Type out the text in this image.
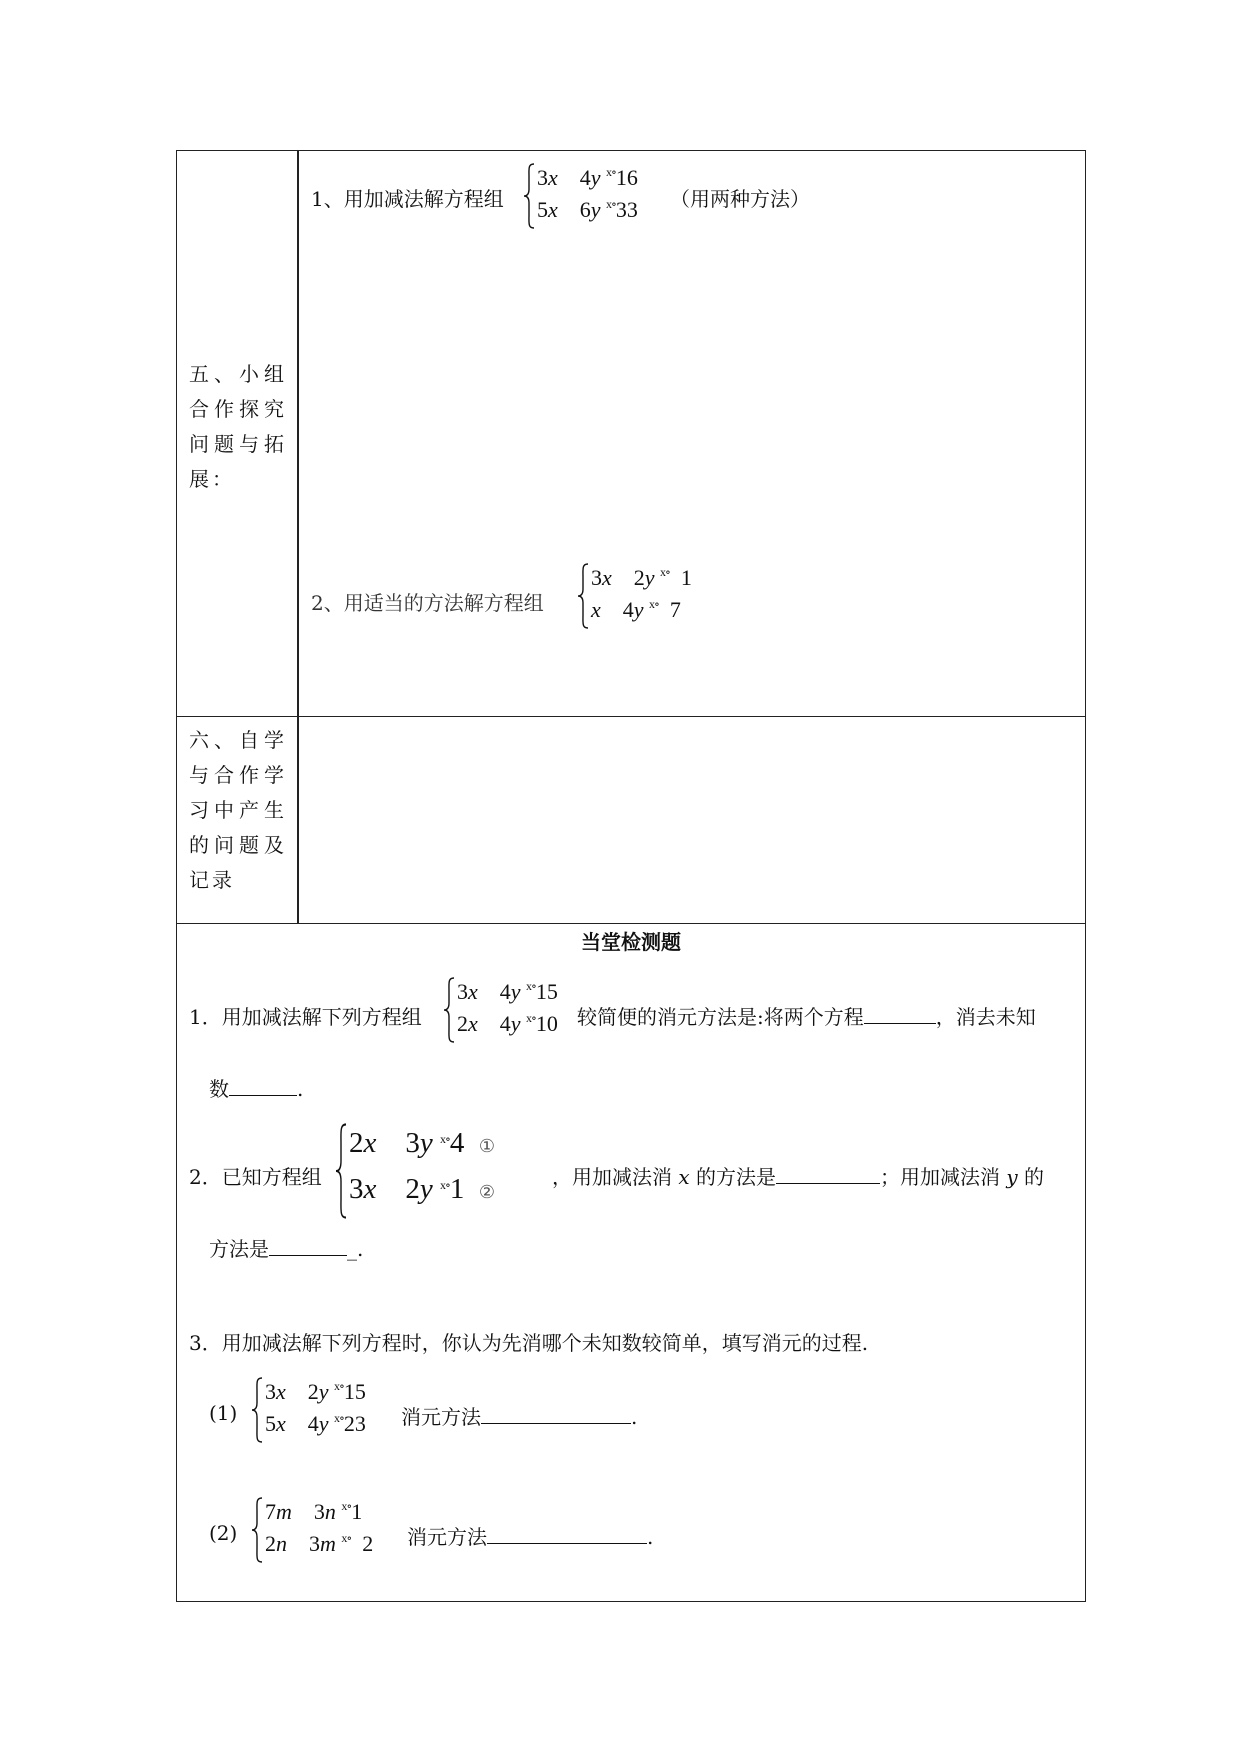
五、小组合作探究问题与拓展：
1、用加减法解方程组
3x 4y $^{x\circ}$16
5x 6y $^{x\circ}$33 （用两种方法）
2、用适当的方法解方程组
3x 2y $^{x\circ}$ 1
x 4y $^{x\circ}$ 7
六、自学与合作学习中产生的问题及记录
当堂检测题
1．用加减法解下列方程组
3x 4y $^{x\circ}$15
2x 4y $^{x\circ}$10 较简便的消元方法是:将两个方程	，消去未知
数	.
2．已知方程组
2x 3y $^{x\circ}$4 ①
3x 2y $^{x\circ}$1 ②
，用加减法消 x 的方法是	；用加减法消 y 的
方法是	_.
3．用加减法解下列方程时，你认为先消哪个未知数较简单，填写消元的过程.
(1)
3x 2y $^{x\circ}$15
5x 4y $^{x\circ}$23 消元方法	.
(2)
7m 3n $^{x\circ}$1
2n 3m $^{x\circ}$ 2 消元方法	.
